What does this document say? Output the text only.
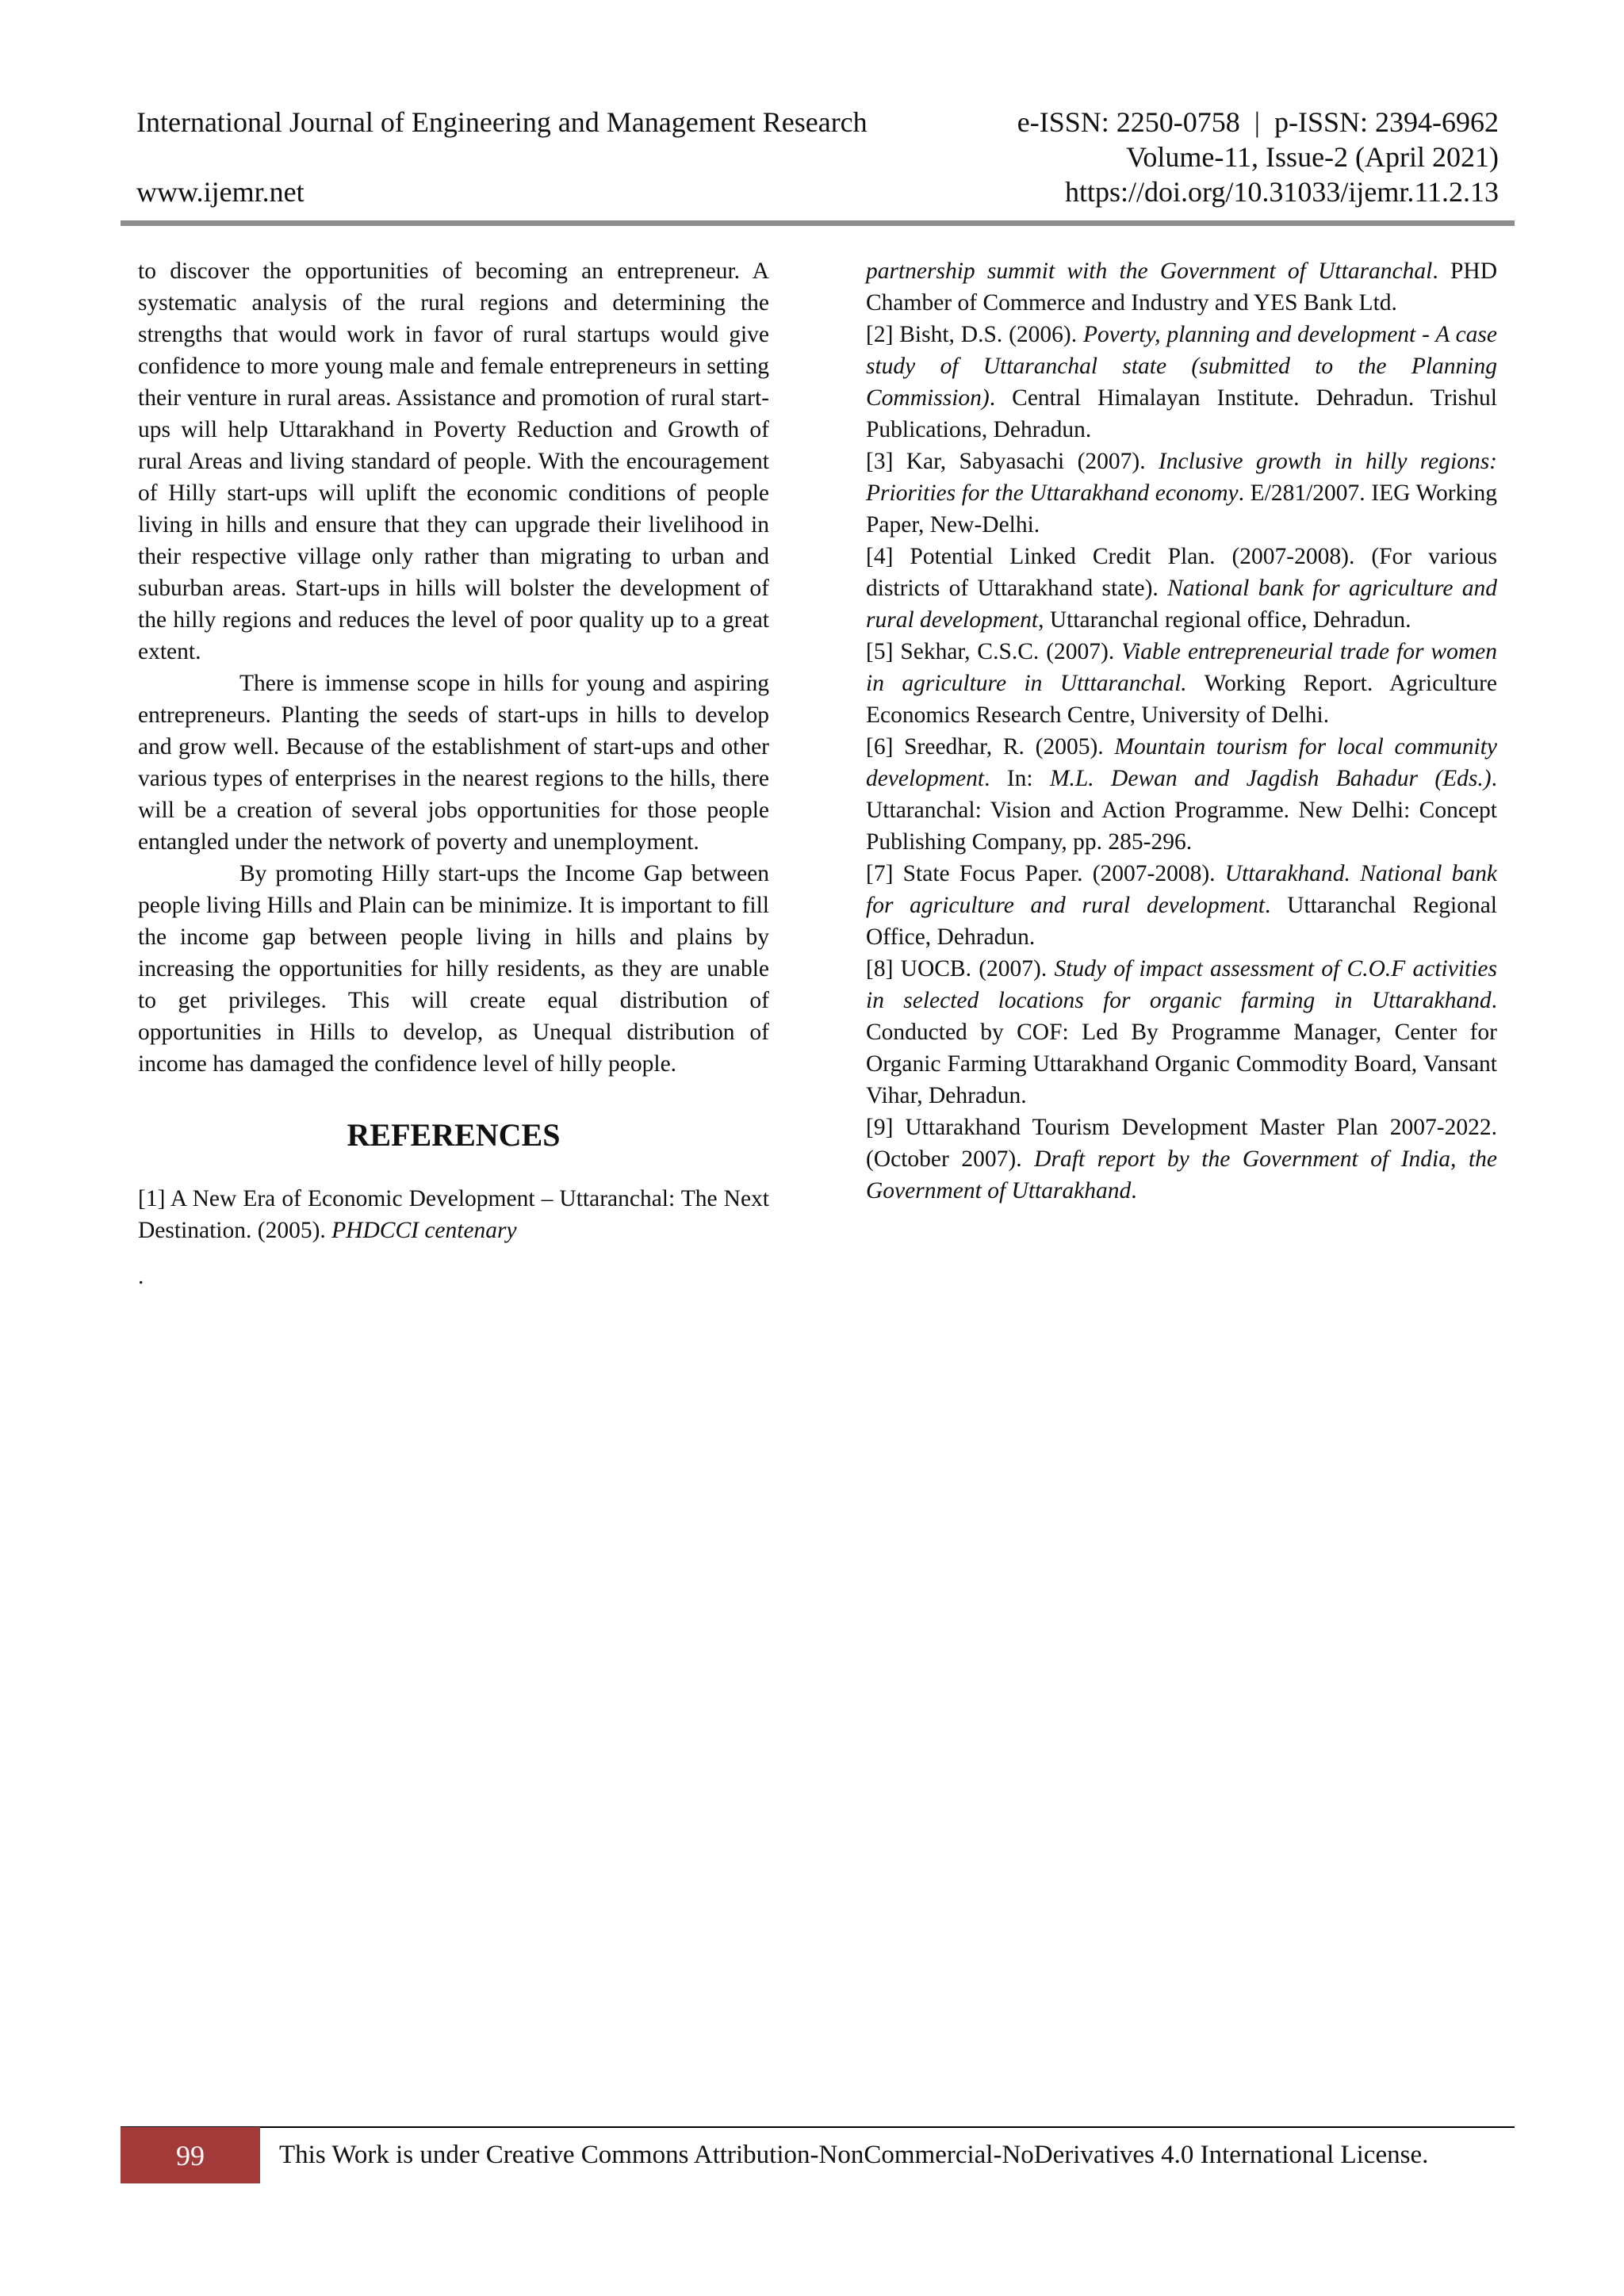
International Journal of Engineering and Management Research	e-ISSN: 2250-0758  |  p-ISSN: 2394-6962
Volume-11, Issue-2 (April 2021)
www.ijemr.net	https://doi.org/10.31033/ijemr.11.2.13

to discover the opportunities of becoming an entrepreneur. A systematic analysis of the rural regions and determining the strengths that would work in favor of rural startups would give confidence to more young male and female entrepreneurs in setting their venture in rural areas. Assistance and promotion of rural start-ups will help Uttarakhand in Poverty Reduction and Growth of rural Areas and living standard of people. With the encouragement of Hilly start-ups will uplift the economic conditions of people living in hills and ensure that they can upgrade their livelihood in their respective village only rather than migrating to urban and suburban areas. Start-ups in hills will bolster the development of the hilly regions and reduces the level of poor quality up to a great extent.

There is immense scope in hills for young and aspiring entrepreneurs. Planting the seeds of start-ups in hills to develop and grow well. Because of the establishment of start-ups and other various types of enterprises in the nearest regions to the hills, there will be a creation of several jobs opportunities for those people entangled under the network of poverty and unemployment.

By promoting Hilly start-ups the Income Gap between people living Hills and Plain can be minimize. It is important to fill the income gap between people living in hills and plains by increasing the opportunities for hilly residents, as they are unable to get privileges. This will create equal distribution of opportunities in Hills to develop, as Unequal distribution of income has damaged the confidence level of hilly people.

REFERENCES

[1] A New Era of Economic Development – Uttaranchal: The Next Destination. (2005). PHDCCI centenary

.

partnership summit with the Government of Uttaranchal. PHD Chamber of Commerce and Industry and YES Bank Ltd.

[2] Bisht, D.S. (2006). Poverty, planning and development - A case study of Uttaranchal state (submitted to the Planning Commission). Central Himalayan Institute. Dehradun. Trishul Publications, Dehradun.

[3] Kar, Sabyasachi (2007). Inclusive growth in hilly regions: Priorities for the Uttarakhand economy. E/281/2007. IEG Working Paper, New-Delhi.

[4] Potential Linked Credit Plan. (2007-2008). (For various districts of Uttarakhand state). National bank for agriculture and rural development, Uttaranchal regional office, Dehradun.

[5] Sekhar, C.S.C. (2007). Viable entrepreneurial trade for women in agriculture in Utttaranchal. Working Report. Agriculture Economics Research Centre, University of Delhi.

[6] Sreedhar, R. (2005). Mountain tourism for local community development. In: M.L. Dewan and Jagdish Bahadur (Eds.). Uttaranchal: Vision and Action Programme. New Delhi: Concept Publishing Company, pp. 285-296.

[7] State Focus Paper. (2007-2008). Uttarakhand. National bank for agriculture and rural development. Uttaranchal Regional Office, Dehradun.

[8] UOCB. (2007). Study of impact assessment of C.O.F activities in selected locations for organic farming in Uttarakhand. Conducted by COF: Led By Programme Manager, Center for Organic Farming Uttarakhand Organic Commodity Board, Vansant Vihar, Dehradun.

[9] Uttarakhand Tourism Development Master Plan 2007-2022. (October 2007). Draft report by the Government of India, the Government of Uttarakhand.

99	This Work is under Creative Commons Attribution-NonCommercial-NoDerivatives 4.0 International License.
